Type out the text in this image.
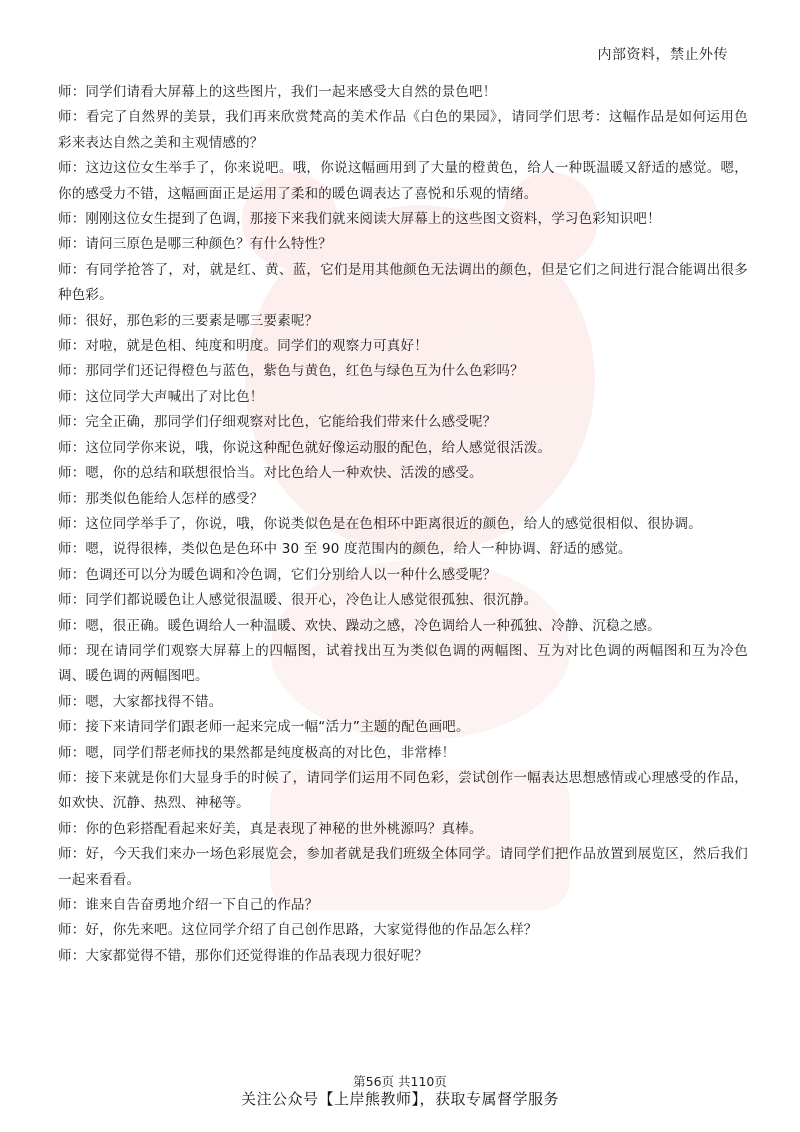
内部资料，禁止外传

师：同学们请看大屏幕上的这些图片，我们一起来感受大自然的景色吧！

师：看完了自然界的美景，我们再来欣赏梵高的美术作品《白色的果园》，请同学们思考：这幅作品是如何运用色彩来表达自然之美和主观情感的？

师：这边这位女生举手了，你来说吧。哦，你说这幅画用到了大量的橙黄色，给人一种既温暖又舒适的感觉。嗯，你的感受力不错，这幅画面正是运用了柔和的暖色调表达了喜悦和乐观的情绪。

师：刚刚这位女生提到了色调，那接下来我们就来阅读大屏幕上的这些图文资料，学习色彩知识吧！

师：请问三原色是哪三种颜色？有什么特性？

师：有同学抢答了，对，就是红、黄、蓝，它们是用其他颜色无法调出的颜色，但是它们之间进行混合能调出很多种色彩。

师：很好，那色彩的三要素是哪三要素呢？

师：对啦，就是色相、纯度和明度。同学们的观察力可真好！

师：那同学们还记得橙色与蓝色，紫色与黄色，红色与绿色互为什么色彩吗？

师：这位同学大声喊出了对比色！

师：完全正确，那同学们仔细观察对比色，它能给我们带来什么感受呢？

师：这位同学你来说，哦，你说这种配色就好像运动服的配色，给人感觉很活泼。

师：嗯，你的总结和联想很恰当。对比色给人一种欢快、活泼的感受。

师：那类似色能给人怎样的感受？

师：这位同学举手了，你说，哦，你说类似色是在色相环中距离很近的颜色，给人的感觉很相似、很协调。

师：嗯，说得很棒，类似色是色环中 30 至 90 度范围内的颜色，给人一种协调、舒适的感觉。

师：色调还可以分为暖色调和冷色调，它们分别给人以一种什么感受呢？

师：同学们都说暖色让人感觉很温暖、很开心，冷色让人感觉很孤独、很沉静。

师：嗯，很正确。暖色调给人一种温暖、欢快、躁动之感，冷色调给人一种孤独、冷静、沉稳之感。

师：现在请同学们观察大屏幕上的四幅图，试着找出互为类似色调的两幅图、互为对比色调的两幅图和互为冷色调、暖色调的两幅图吧。

师：嗯，大家都找得不错。

师：接下来请同学们跟老师一起来完成一幅“活力”主题的配色画吧。

师：嗯，同学们帮老师找的果然都是纯度极高的对比色，非常棒！

师：接下来就是你们大显身手的时候了，请同学们运用不同色彩，尝试创作一幅表达思想感情或心理感受的作品，如欢快、沉静、热烈、神秘等。

师：你的色彩搭配看起来好美，真是表现了神秘的世外桃源吗？真棒。

师：好，今天我们来办一场色彩展览会，参加者就是我们班级全体同学。请同学们把作品放置到展览区，然后我们一起来看看。

师：谁来自告奋勇地介绍一下自己的作品？

师：好，你先来吧。这位同学介绍了自己创作思路，大家觉得他的作品怎么样？

师：大家都觉得不错，那你们还觉得谁的作品表现力很好呢？

第56页 共110页
关注公众号【上岸熊教师】，获取专属督学服务
